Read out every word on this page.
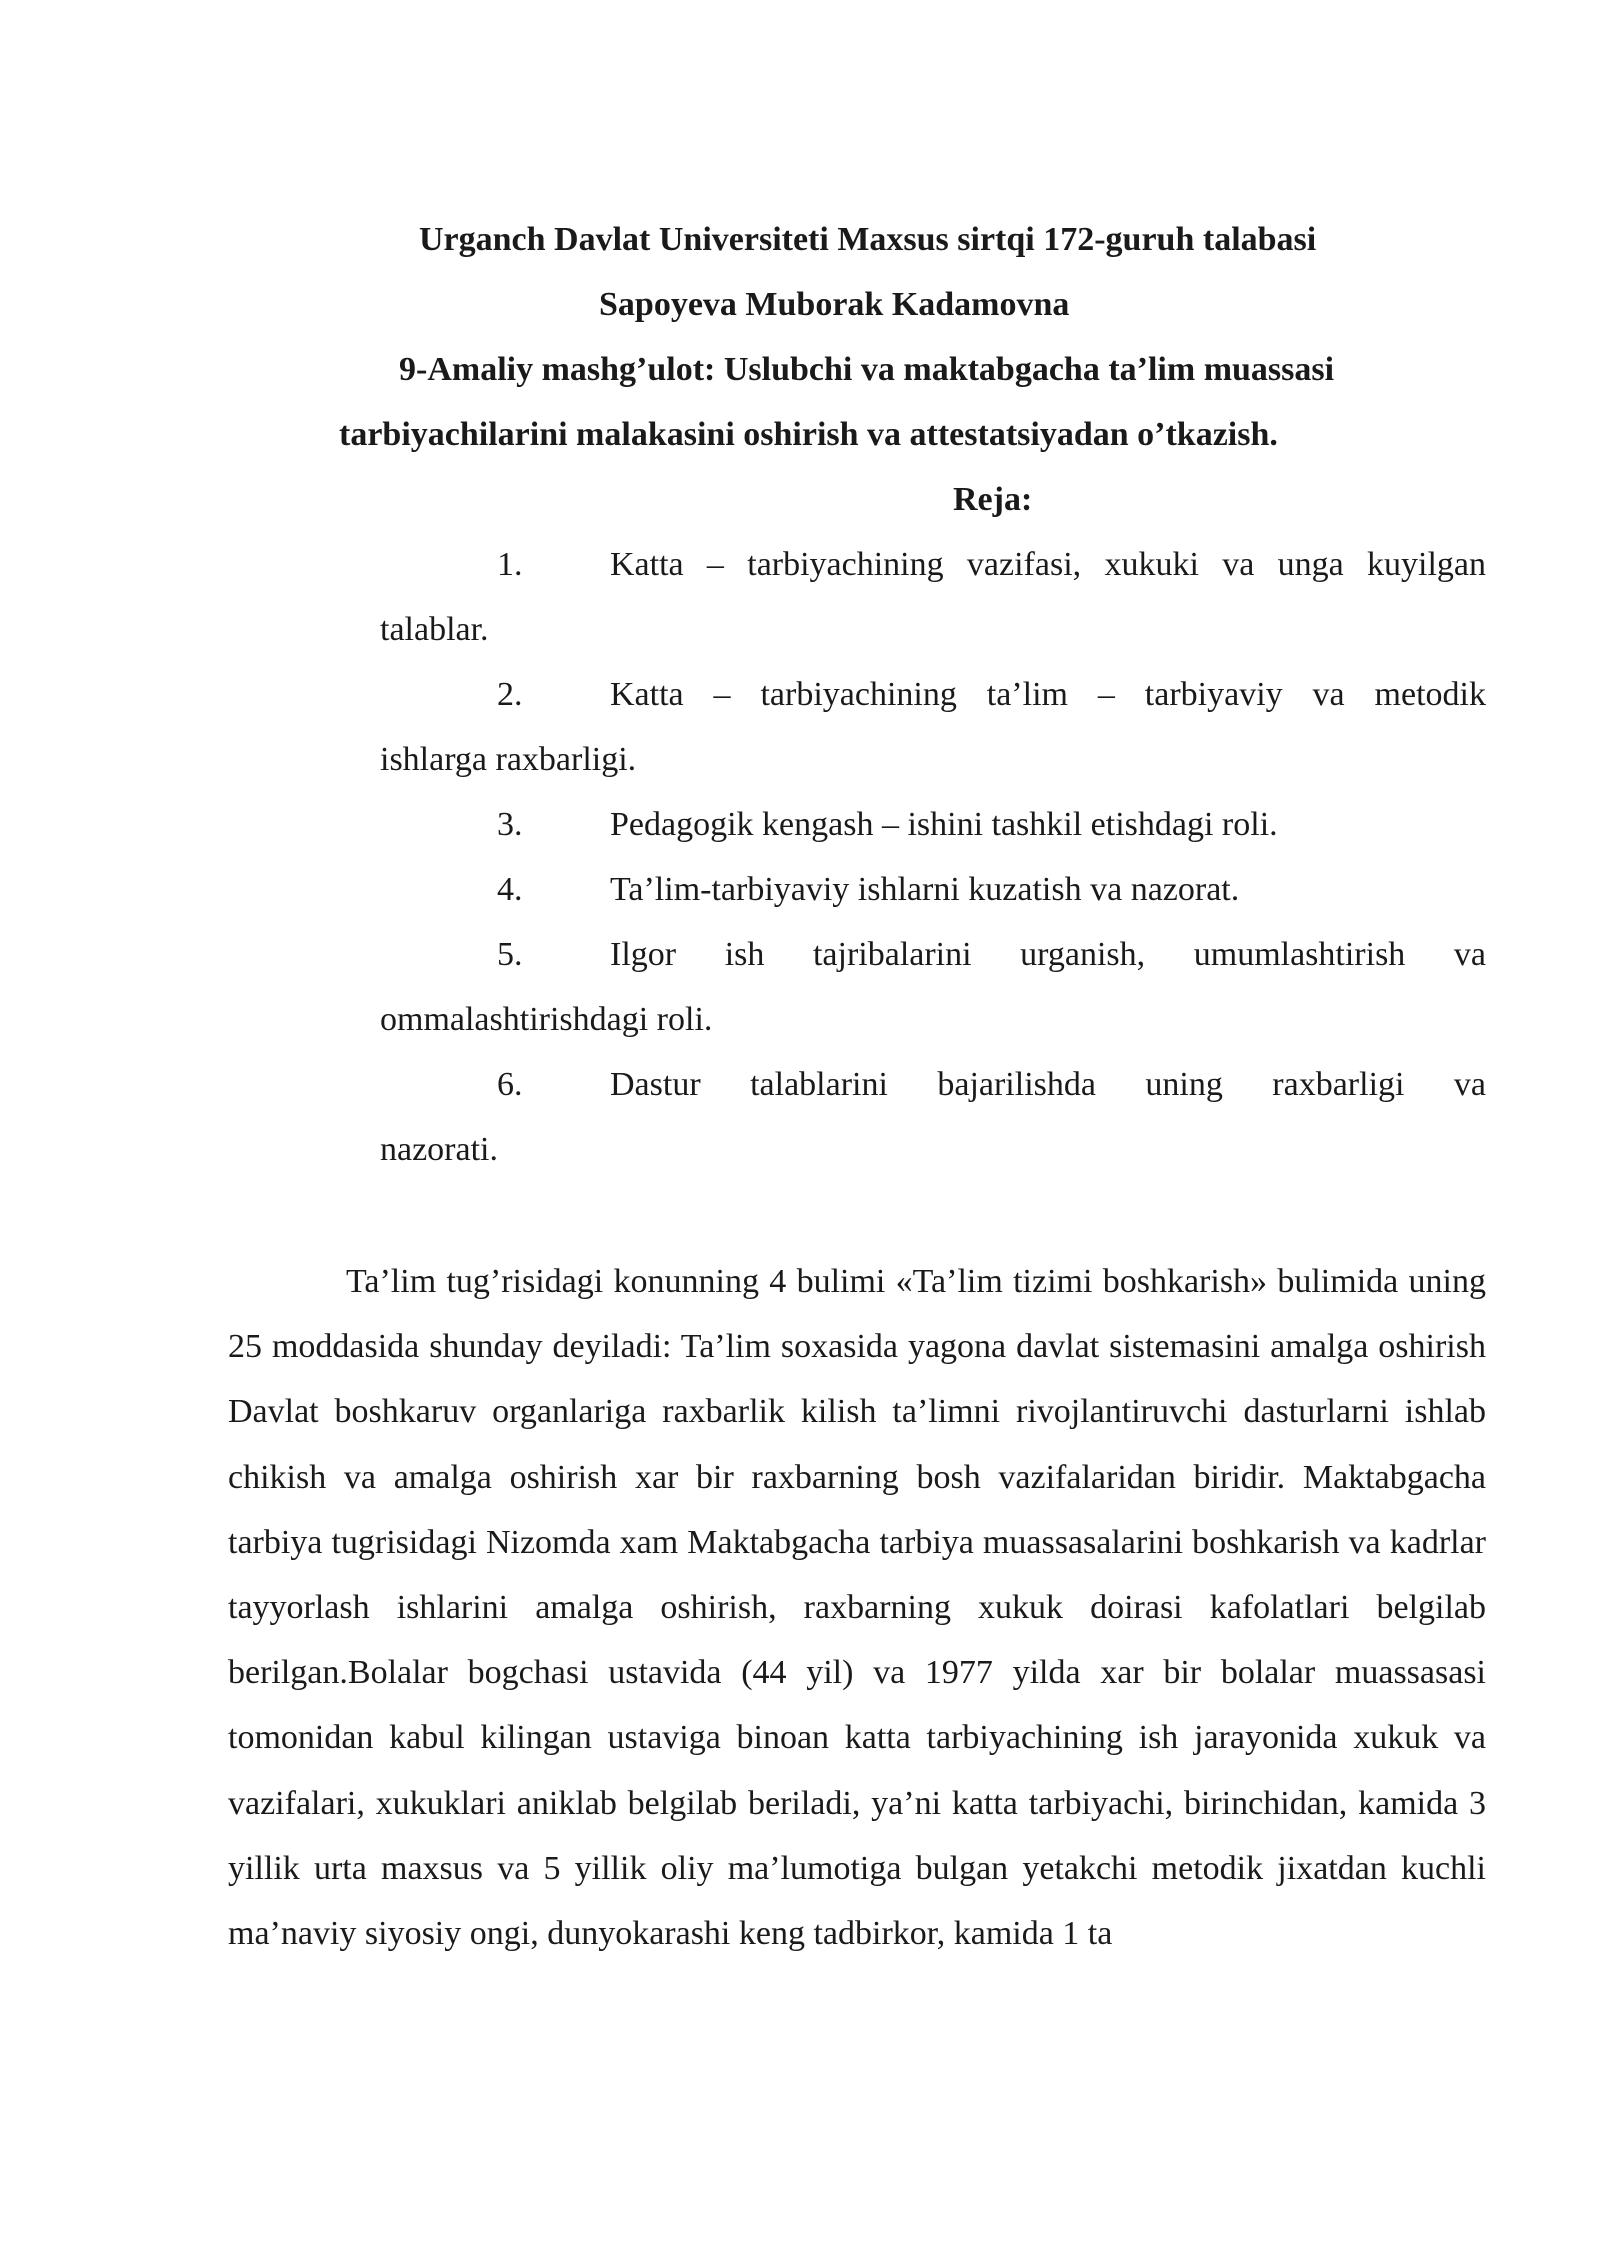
Urganch Davlat Universiteti Maxsus sirtqi 172-guruh talabasi
Sapoyeva Muborak Kadamovna
9-Amaliy mashg’ulot: Uslubchi va maktabgacha ta’lim muassasi
tarbiyachilarini malakasini oshirish va attestatsiyadan o’tkazish.
Reja:
1.	Katta – tarbiyachining vazifasi, xukuki va unga kuyilgan
talablar.
2.	Katta – tarbiyachining ta’lim – tarbiyaviy va metodik
ishlarga raxbarligi.
3.	Pedagogik kengash – ishini tashkil etishdagi roli.
4.	Ta’lim-tarbiyaviy ishlarni kuzatish va nazorat.
5.	Ilgor ish tajribalarini urganish, umumlashtirish va
ommalashtirishdagi roli.
6.	Dastur talablarini bajarilishda uning raxbarligi va
nazorati.
Ta’lim tug’risidagi konunning 4 bulimi «Ta’lim tizimi boshkarish» bulimida uning 25 moddasida shunday deyiladi: Ta’lim soxasida yagona davlat sistemasini amalga oshirish Davlat boshkaruv organlariga raxbarlik kilish ta’limni rivojlantiruvchi dasturlarni ishlab chikish va amalga oshirish xar bir raxbarning bosh vazifalaridan biridir. Maktabgacha tarbiya tugrisidagi Nizomda xam Maktabgacha tarbiya muassasalarini boshkarish va kadrlar tayyorlash ishlarini amalga oshirish, raxbarning xukuk doirasi kafolatlari belgilab berilgan.Bolalar bogchasi ustavida (44 yil) va 1977 yilda xar bir bolalar muassasasi tomonidan kabul kilingan ustaviga binoan katta tarbiyachining ish jarayonida xukuk va vazifalari, xukuklari aniklab belgilab beriladi, ya’ni katta tarbiyachi, birinchidan, kamida 3 yillik urta maxsus va 5 yillik oliy ma’lumotiga bulgan yetakchi metodik jixatdan kuchli ma’naviy siyosiy ongi, dunyokarashi keng tadbirkor, kamida 1 ta
